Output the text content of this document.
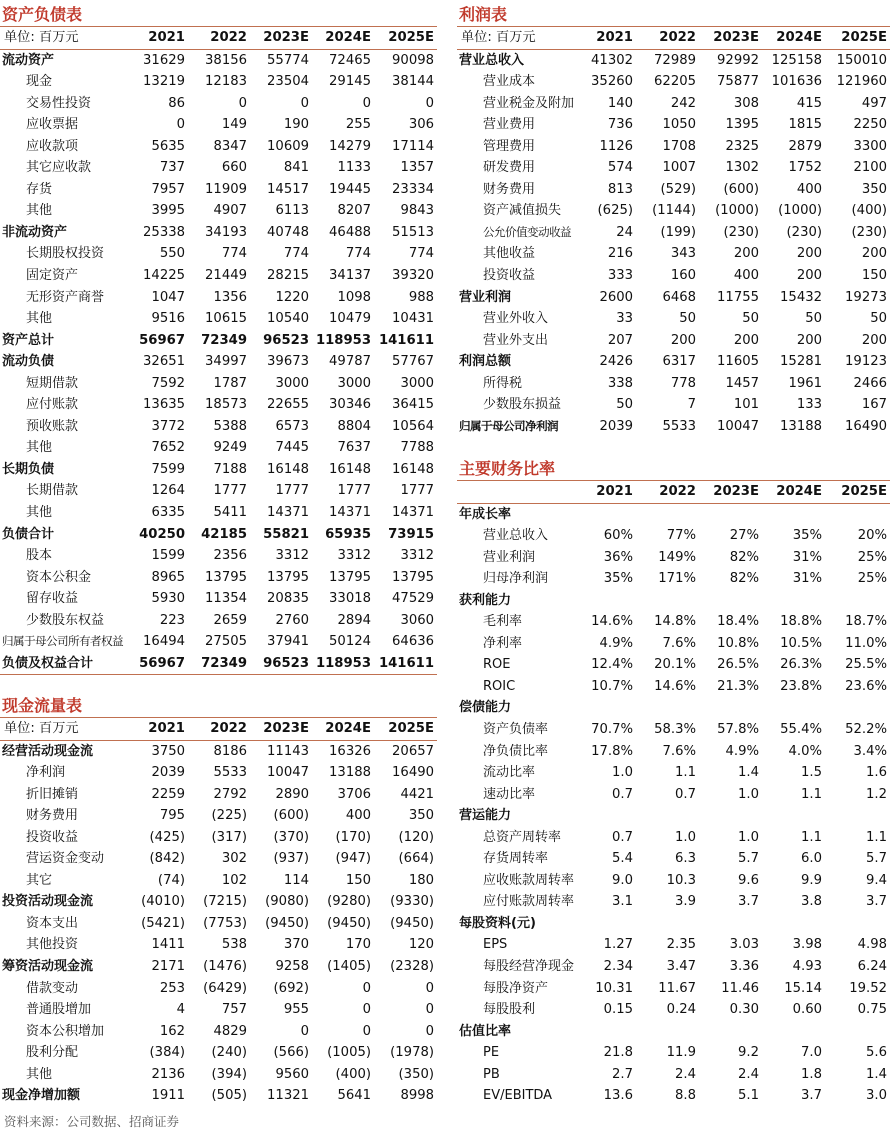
资产负债表
单位: 百万元	2021	2022	2023E	2024E	2025E
流动资产	31629	38156	55774	72465	90098
现金	13219	12183	23504	29145	38144
交易性投资	86	0	0	0	0
应收票据	0	149	190	255	306
应收款项	5635	8347	10609	14279	17114
其它应收款	737	660	841	1133	1357
存货	7957	11909	14517	19445	23334
其他	3995	4907	6113	8207	9843
非流动资产	25338	34193	40748	46488	51513
长期股权投资	550	774	774	774	774
固定资产	14225	21449	28215	34137	39320
无形资产商誉	1047	1356	1220	1098	988
其他	9516	10615	10540	10479	10431
资产总计	56967	72349	96523	118953	141611
流动负债	32651	34997	39673	49787	57767
短期借款	7592	1787	3000	3000	3000
应付账款	13635	18573	22655	30346	36415
预收账款	3772	5388	6573	8804	10564
其他	7652	9249	7445	7637	7788
长期负债	7599	7188	16148	16148	16148
长期借款	1264	1777	1777	1777	1777
其他	6335	5411	14371	14371	14371
负债合计	40250	42185	55821	65935	73915
股本	1599	2356	3312	3312	3312
资本公积金	8965	13795	13795	13795	13795
留存收益	5930	11354	20835	33018	47529
少数股东权益	223	2659	2760	2894	3060
归属于母公司所有者权益	16494	27505	37941	50124	64636
负债及权益合计	56967	72349	96523	118953	141611
现金流量表
单位: 百万元	2021	2022	2023E	2024E	2025E
经营活动现金流	3750	8186	11143	16326	20657
净利润	2039	5533	10047	13188	16490
折旧摊销	2259	2792	2890	3706	4421
财务费用	795	(225)	(600)	400	350
投资收益	(425)	(317)	(370)	(170)	(120)
营运资金变动	(842)	302	(937)	(947)	(664)
其它	(74)	102	114	150	180
投资活动现金流	(4010)	(7215)	(9080)	(9280)	(9330)
资本支出	(5421)	(7753)	(9450)	(9450)	(9450)
其他投资	1411	538	370	170	120
筹资活动现金流	2171	(1476)	9258	(1405)	(2328)
借款变动	253	(6429)	(692)	0	0
普通股增加	4	757	955	0	0
资本公积增加	162	4829	0	0	0
股利分配	(384)	(240)	(566)	(1005)	(1978)
其他	2136	(394)	9560	(400)	(350)
现金净增加额	1911	(505)	11321	5641	8998
利润表
单位: 百万元	2021	2022	2023E	2024E	2025E
营业总收入	41302	72989	92992	125158	150010
营业成本	35260	62205	75877	101636	121960
营业税金及附加	140	242	308	415	497
营业费用	736	1050	1395	1815	2250
管理费用	1126	1708	2325	2879	3300
研发费用	574	1007	1302	1752	2100
财务费用	813	(529)	(600)	400	350
资产减值损失	(625)	(1144)	(1000)	(1000)	(400)
公允价值变动收益	24	(199)	(230)	(230)	(230)
其他收益	216	343	200	200	200
投资收益	333	160	400	200	150
营业利润	2600	6468	11755	15432	19273
营业外收入	33	50	50	50	50
营业外支出	207	200	200	200	200
利润总额	2426	6317	11605	15281	19123
所得税	338	778	1457	1961	2466
少数股东损益	50	7	101	133	167
归属于母公司净利润	2039	5533	10047	13188	16490
主要财务比率
	2021	2022	2023E	2024E	2025E
年成长率					
营业总收入	60%	77%	27%	35%	20%
营业利润	36%	149%	82%	31%	25%
归母净利润	35%	171%	82%	31%	25%
获利能力					
毛利率	14.6%	14.8%	18.4%	18.8%	18.7%
净利率	4.9%	7.6%	10.8%	10.5%	11.0%
ROE	12.4%	20.1%	26.5%	26.3%	25.5%
ROIC	10.7%	14.6%	21.3%	23.8%	23.6%
偿债能力					
资产负债率	70.7%	58.3%	57.8%	55.4%	52.2%
净负债比率	17.8%	7.6%	4.9%	4.0%	3.4%
流动比率	1.0	1.1	1.4	1.5	1.6
速动比率	0.7	0.7	1.0	1.1	1.2
营运能力					
总资产周转率	0.7	1.0	1.0	1.1	1.1
存货周转率	5.4	6.3	5.7	6.0	5.7
应收账款周转率	9.0	10.3	9.6	9.9	9.4
应付账款周转率	3.1	3.9	3.7	3.8	3.7
每股资料(元)					
EPS	1.27	2.35	3.03	3.98	4.98
每股经营净现金	2.34	3.47	3.36	4.93	6.24
每股净资产	10.31	11.67	11.46	15.14	19.52
每股股利	0.15	0.24	0.30	0.60	0.75
估值比率					
PE	21.8	11.9	9.2	7.0	5.6
PB	2.7	2.4	2.4	1.8	1.4
EV/EBITDA	13.6	8.8	5.1	3.7	3.0
资料来源：公司数据、招商证券
